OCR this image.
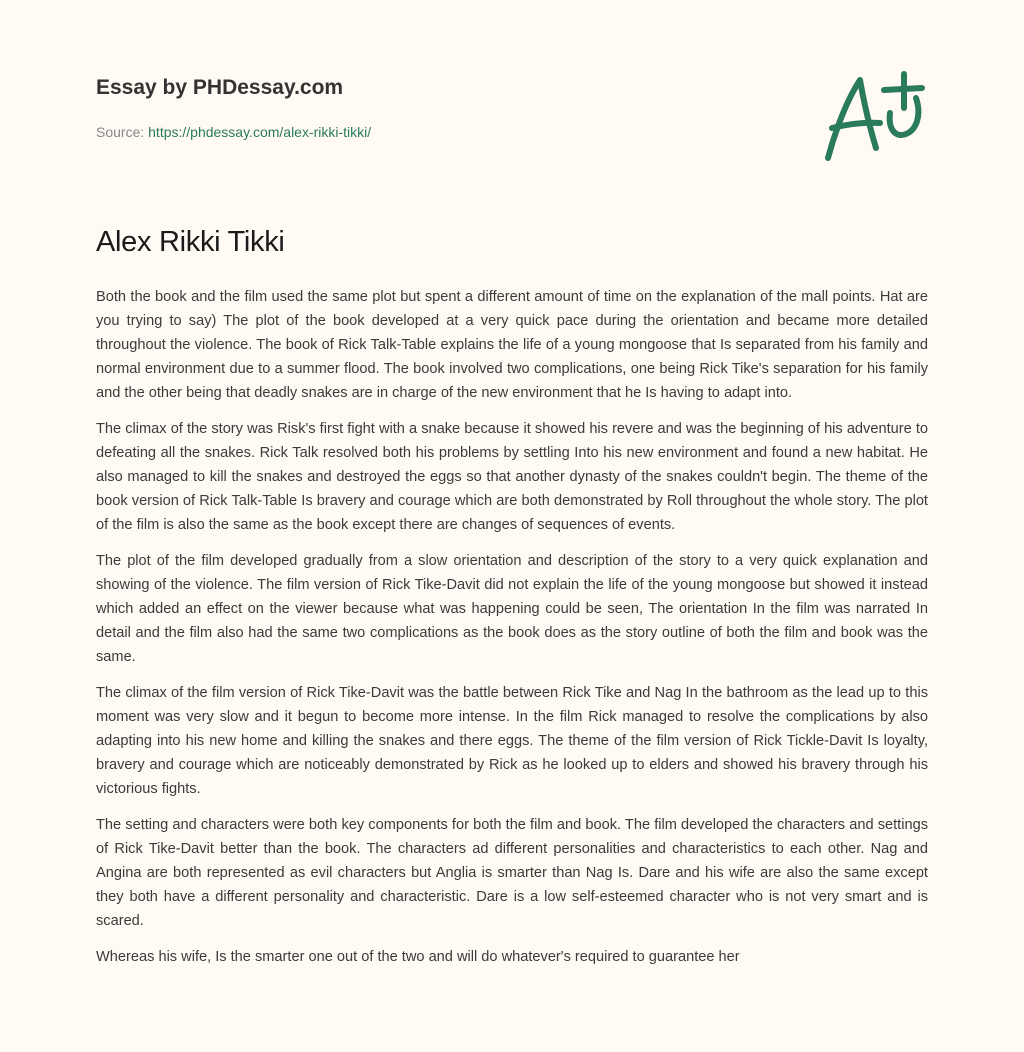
Essay by PHDessay.com
Source: https://phdessay.com/alex-rikki-tikki/
Alex Rikki Tikki

Both the book and the film used the same plot but spent a different amount of time on the explanation of the mall points. Hat are you trying to say) The plot of the book developed at a very quick pace during the orientation and became more detailed throughout the violence. The book of Rick Talk-Table explains the life of a young mongoose that Is separated from his family and normal environment due to a summer flood. The book involved two complications, one being Rick Tike's separation for his family and the other being that deadly snakes are in charge of the new environment that he Is having to adapt into.

The climax of the story was Risk's first fight with a snake because it showed his revere and was the beginning of his adventure to defeating all the snakes. Rick Talk resolved both his problems by settling Into his new environment and found a new habitat. He also managed to kill the snakes and destroyed the eggs so that another dynasty of the snakes couldn't begin. The theme of the book version of Rick Talk-Table Is bravery and courage which are both demonstrated by Roll throughout the whole story. The plot of the film is also the same as the book except there are changes of sequences of events.

The plot of the film developed gradually from a slow orientation and description of the story to a very quick explanation and showing of the violence. The film version of Rick Tike-Davit did not explain the life of the young mongoose but showed it instead which added an effect on the viewer because what was happening could be seen, The orientation In the film was narrated In detail and the film also had the same two complications as the book does as the story outline of both the film and book was the same.

The climax of the film version of Rick Tike-Davit was the battle between Rick Tike and Nag In the bathroom as the lead up to this moment was very slow and it begun to become more intense. In the film Rick managed to resolve the complications by also adapting into his new home and killing the snakes and there eggs. The theme of the film version of Rick Tickle-Davit Is loyalty, bravery and courage which are noticeably demonstrated by Rick as he looked up to elders and showed his bravery through his victorious fights.

The setting and characters were both key components for both the film and book. The film developed the characters and settings of Rick Tike-Davit better than the book. The characters ad different personalities and characteristics to each other. Nag and Angina are both represented as evil characters but Anglia is smarter than Nag Is. Dare and his wife are also the same except they both have a different personality and characteristic. Dare is a low self-esteemed character who is not very smart and is scared.

Whereas his wife, Is the smarter one out of the two and will do whatever's required to guarantee her
